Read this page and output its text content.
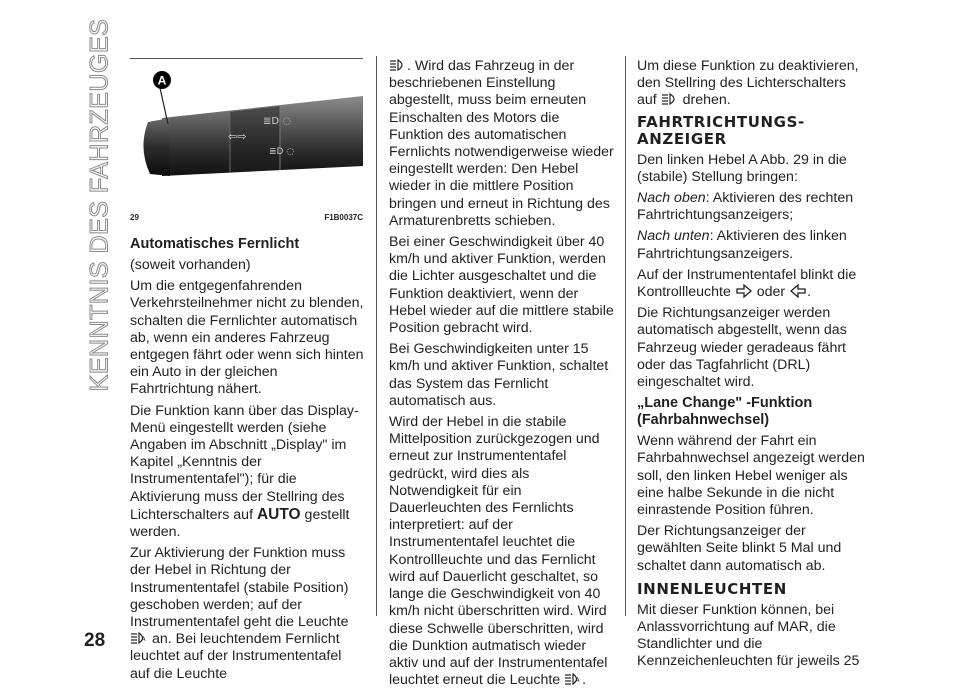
KENNTNIS DES FAHRZEUGES	⇦⇨
≣D ◌
≣D ◌
A
29	F1B0037C

Automatisches Fernlicht

(soweit vorhanden)

Um die entgegenfahrenden Verkehrsteilnehmer nicht zu blenden, schalten die Fernlichter automatisch ab, wenn ein anderes Fahrzeug entgegen fährt oder wenn sich hinten ein Auto in der gleichen Fahrtrichtung nähert.

Die Funktion kann über das Display-Menü eingestellt werden (siehe Angaben im Abschnitt „Display" im Kapitel „Kenntnis der Instrumententafel"); für die Aktivierung muss der Stellring des Lichterschalters auf AUTO gestellt werden.

Zur Aktivierung der Funktion muss der Hebel in Richtung der Instrumententafel (stabile Position) geschoben werden; auf der Instrumententafel geht die Leuchte
A an. Bei leuchtendem Fernlicht leuchtet auf der Instrumententafel auf die Leuchte

. Wird das Fahrzeug in der beschriebenen Einstellung abgestellt, muss beim erneuten Einschalten des Motors die Funktion des automatischen Fernlichts notwendigerweise wieder eingestellt werden: Den Hebel wieder in die mittlere Position bringen und erneut in Richtung des Armaturenbretts schieben.

Bei einer Geschwindigkeit über 40 km/h und aktiver Funktion, werden die Lichter ausgeschaltet und die Funktion deaktiviert, wenn der Hebel wieder auf die mittlere stabile Position gebracht wird.

Bei Geschwindigkeiten unter 15 km/h und aktiver Funktion, schaltet das System das Fernlicht automatisch aus.

Wird der Hebel in die stabile Mittelposition zurückgezogen und erneut zur Instrumententafel gedrückt, wird dies als Notwendigkeit für ein Dauerleuchten des Fernlichts interpretiert: auf der Instrumententafel leuchtet die Kontrollleuchte und das Fernlicht wird auf Dauerlicht geschaltet, so lange die Geschwindigkeit von 40 km/h nicht überschritten wird. Wird diese Schwelle überschritten, wird die Dunktion autmatisch wieder aktiv und auf der Instrumententafel leuchtet erneut die Leuchte A .

Um diese Funktion zu deaktivieren, den Stellring des Lichterschalters auf  drehen.

FAHRTRICHTUNGS-ANZEIGER

Den linken Hebel A Abb. 29 in die (stabile) Stellung bringen:

Nach oben: Aktivieren des rechten Fahrtrichtungsanzeigers;

Nach unten: Aktivieren des linken Fahrtrichtungsanzeigers.

Auf der Instrumententafel blinkt die Kontrollleuchte  oder .

Die Richtungsanzeiger werden automatisch abgestellt, wenn das Fahrzeug wieder geradeaus fährt oder das Tagfahrlicht (DRL) eingeschaltet wird.

„Lane Change" -Funktion (Fahrbahnwechsel)

Wenn während der Fahrt ein Fahrbahnwechsel angezeigt werden soll, den linken Hebel weniger als eine halbe Sekunde in die nicht einrastende Position führen.

Der Richtungsanzeiger der gewählten Seite blinkt 5 Mal und schaltet dann automatisch ab.

INNENLEUCHTEN

Mit dieser Funktion können, bei Anlassvorrichtung auf MAR, die Standlichter und die Kennzeichenleuchten für jeweils 25

28
